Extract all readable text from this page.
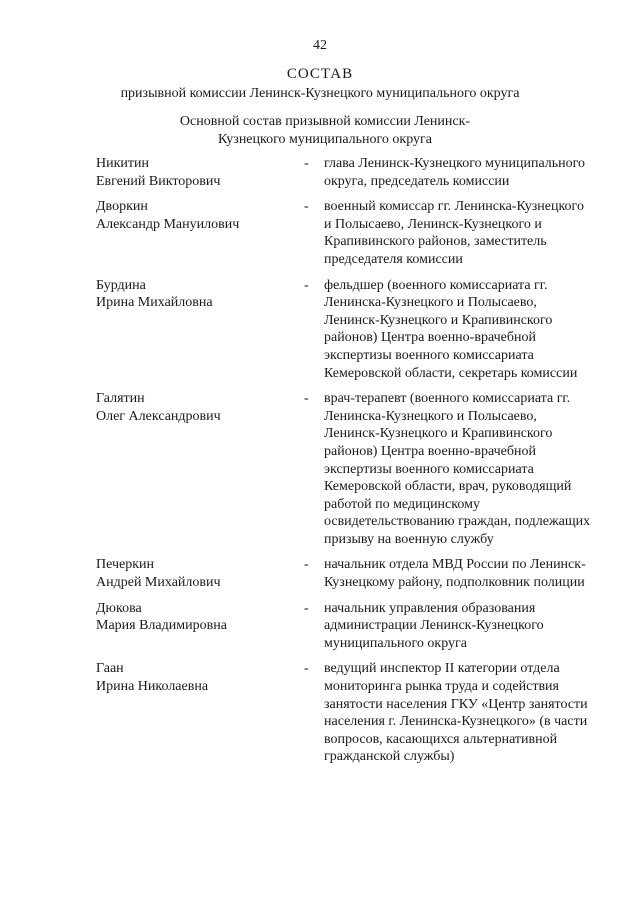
42
СОСТАВ
призывной комиссии Ленинск-Кузнецкого муниципального округа
Основной состав призывной комиссии Ленинск-Кузнецкого муниципального округа
Никитин
Евгений Викторович
-	глава Ленинск-Кузнецкого муниципального округа, председатель комиссии
Дворкин
Александр Мануилович
-	военный комиссар гг. Ленинска-Кузнецкого и Полысаево, Ленинск-Кузнецкого и Крапивинского районов, заместитель председателя комиссии
Бурдина
Ирина Михайловна
-	фельдшер (военного комиссариата гг. Ленинска-Кузнецкого и Полысаево, Ленинск-Кузнецкого и Крапивинского районов) Центра военно-врачебной экспертизы военного комиссариата Кемеровской области, секретарь комиссии
Галятин
Олег Александрович
-	врач-терапевт (военного комиссариата гг. Ленинска-Кузнецкого и Полысаево, Ленинск-Кузнецкого и Крапивинского районов) Центра военно-врачебной экспертизы военного комиссариата Кемеровской области, врач, руководящий работой по медицинскому освидетельствованию граждан, подлежащих призыву на военную службу
Печеркин
Андрей Михайлович
-	начальник отдела МВД России по Ленинск-Кузнецкому району, подполковник полиции
Дюкова
Мария Владимировна
-	начальник управления образования администрации Ленинск-Кузнецкого муниципального округа
Гаан
Ирина Николаевна
-	ведущий инспектор II категории отдела мониторинга рынка труда и содействия занятости населения ГКУ «Центр занятости населения г. Ленинска-Кузнецкого» (в части вопросов, касающихся альтернативной гражданской службы)
